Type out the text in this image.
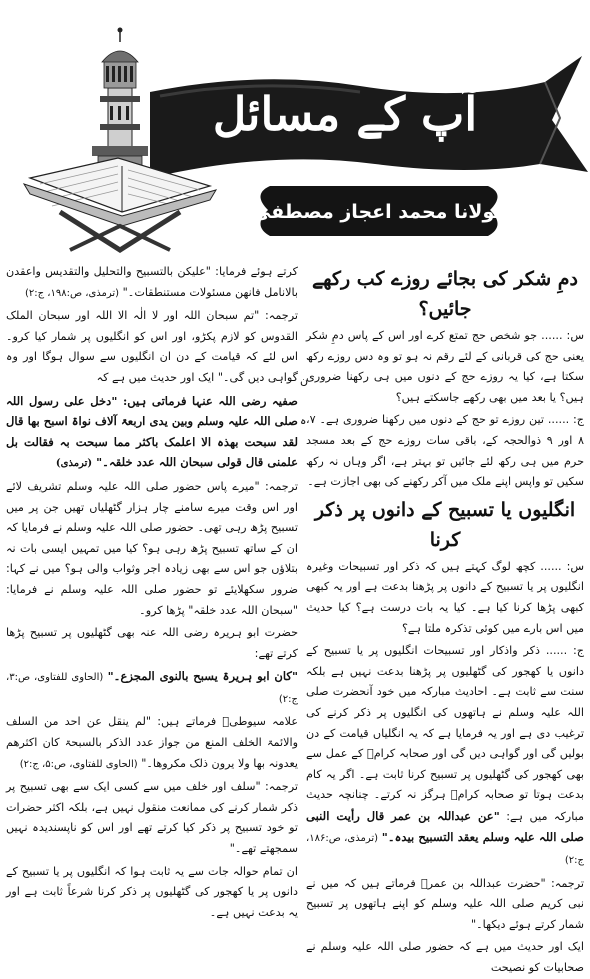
آپ کے مسائل
مولانا محمد اعجاز مصطفیٰ
دمِ شکر کی بجائے روزے کب رکھے جائیں؟

س: ...... جو شخص حج تمتع کرے اور اس کے پاس دمِ شکر یعنی حج کی قربانی کے لئے رقم نہ ہو تو وہ دس روزے رکھ سکتا ہے، کیا یہ روزے حج کے دنوں میں ہی رکھنا ضروری ہیں؟ یا بعد میں بھی رکھے جاسکتے ہیں؟

ج: ...... تین روزے تو حج کے دنوں میں رکھنا ضروری ہے۔ ۷، ۸ اور ۹ ذوالحجہ کے، باقی سات روزے حج کے بعد مسجد حرم میں ہی رکھ لئے جائیں تو بہتر ہے، اگر وہاں نہ رکھ سکیں تو واپس اپنے ملک میں آکر رکھنے کی بھی اجازت ہے۔

انگلیوں یا تسبیح کے دانوں پر ذکر کرنا

س: ...... کچھ لوگ کہتے ہیں کہ ذکر اور تسبیحات وغیرہ انگلیوں پر یا تسبیح کے دانوں پر پڑھنا بدعت ہے اور یہ کبھی کبھی پڑھا کرنا کیا ہے۔ کیا یہ بات درست ہے؟ کیا حدیث میں اس بارے میں کوئی تذکرہ ملتا ہے؟

ج: ...... ذکر واذکار اور تسبیحات انگلیوں پر یا تسبیح کے دانوں یا کھجور کی گٹھلیوں پر پڑھنا بدعت نہیں ہے بلکہ سنت سے ثابت ہے۔ احادیث مبارکہ میں خود آنحضرت صلی اللہ علیہ وسلم نے ہاتھوں کی انگلیوں پر ذکر کرنے کی ترغیب دی ہے اور یہ فرمایا ہے کہ یہ انگلیاں قیامت کے دن بولیں گی اور گواہی دیں گی اور صحابہ کرامؓ کے عمل سے بھی کھجور کی گٹھلیوں پر تسبیح کرنا ثابت ہے۔ اگر یہ کام بدعت ہوتا تو صحابہ کرامؓ ہرگز نہ کرتے۔ چنانچہ حدیث مبارکہ میں ہے: "عن عبداللہ بن عمر قال رأیت النبی صلی اللہ علیہ وسلم یعقد التسبیح بیدہ۔" (ترمذی، ص:۱۸۶، ج:۲)

ترجمہ: "حضرت عبداللہ بن عمرؓ فرماتے ہیں کہ میں نے نبی کریم صلی اللہ علیہ وسلم کو اپنے ہاتھوں پر تسبیح شمار کرتے ہوئے دیکھا۔"

ایک اور حدیث میں ہے کہ حضور صلی اللہ علیہ وسلم نے صحابیات کو نصیحت

کرتے ہوئے فرمایا: "علیکن بالتسبیح والتحلیل والتقدیس واعقدن بالانامل فانھن مسئولات مستنطقات۔" (ترمذی، ص:۱۹۸، ج:۲)

ترجمہ: "تم سبحان اللہ اور لا الٰہ الا اللہ اور سبحان الملک القدوس کو لازم پکڑو، اور اس کو انگلیوں پر شمار کیا کرو۔ اس لئے کہ قیامت کے دن ان انگلیوں سے سوال ہوگا اور وہ گواہی دیں گی۔" ایک اور حدیث میں ہے کہ

صفیہ رضی اللہ عنہا فرماتی ہیں: "دخل علی رسول اللہ صلی اللہ علیہ وسلم وبین یدی اربعۃ آلاف نواۃ اسبح بھا قال لقد سبحت بھذہ الا اعلمک باکثر مما سبحت بہ فقالت بل علمنی قال قولی سبحان اللہ عدد خلقہ۔" (ترمذی)

ترجمہ: "میرے پاس حضور صلی اللہ علیہ وسلم تشریف لائے اور اس وقت میرے سامنے چار ہزار گٹھلیاں تھیں جن پر میں تسبیح پڑھ رہی تھی۔ حضور صلی اللہ علیہ وسلم نے فرمایا کہ ان کے ساتھ تسبیح پڑھ رہی ہو؟ کیا میں تمہیں ایسی بات نہ بتلاؤں جو اس سے بھی زیادہ اجر وثواب والی ہو؟ میں نے کہا: ضرور سکھلایئے تو حضور صلی اللہ علیہ وسلم نے فرمایا: "سبحان اللہ عدد خلقہ" پڑھا کرو۔

حضرت ابو ہریرہ رضی اللہ عنہ بھی گٹھلیوں پر تسبیح پڑھا کرتے تھے:

"کان ابو ہریرۃ یسبح بالنوی المجزع۔" (الحاوی للفتاوی، ص:۳، ج:۲)

علامہ سیوطیؒ فرماتے ہیں: "لم ینقل عن احد من السلف والائمۃ الخلف المنع من جواز عدد الذکر بالسبحۃ کان اکثرھم یعدونہ بھا ولا یرون ذلک مکروھا۔" (الحاوی للفتاوی، ص:۵، ج:۲)

ترجمہ: "سلف اور خلف میں سے کسی ایک سے بھی تسبیح پر ذکر شمار کرنے کی ممانعت منقول نہیں ہے، بلکہ اکثر حضرات تو خود تسبیح پر ذکر کیا کرتے تھے اور اس کو ناپسندیدہ نہیں سمجھتے تھے۔"

ان تمام حوالہ جات سے یہ ثابت ہوا کہ انگلیوں پر یا تسبیح کے دانوں پر یا کھجور کی گٹھلیوں پر ذکر کرنا شرعاً ثابت ہے اور یہ بدعت نہیں ہے۔

ن
ہ
